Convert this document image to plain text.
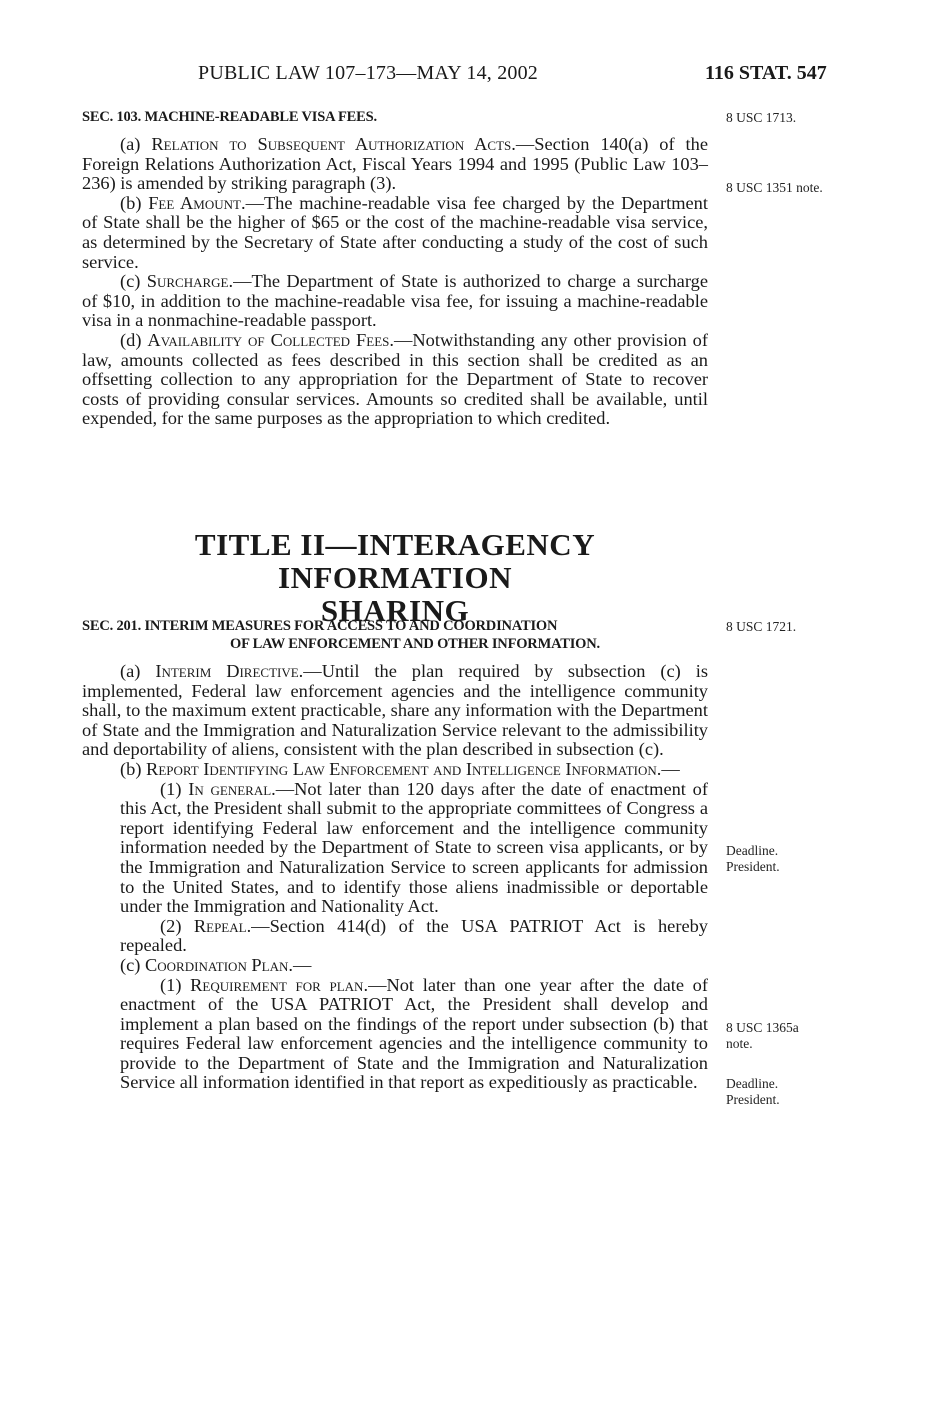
PUBLIC LAW 107–173—MAY 14, 2002	116 STAT. 547
SEC. 103. MACHINE-READABLE VISA FEES.	8 USC 1713.

(a) Relation to Subsequent Authorization Acts.—Section 140(a) of the Foreign Relations Authorization Act, Fiscal Years 1994 and 1995 (Public Law 103–236) is amended by striking paragraph (3).

(b) Fee Amount.—The machine-readable visa fee charged by the Department of State shall be the higher of $65 or the cost of the machine-readable visa service, as determined by the Secretary of State after conducting a study of the cost of such service.

(c) Surcharge.—The Department of State is authorized to charge a surcharge of $10, in addition to the machine-readable visa fee, for issuing a machine-readable visa in a nonmachine-readable passport.

(d) Availability of Collected Fees.—Notwithstanding any other provision of law, amounts collected as fees described in this section shall be credited as an offsetting collection to any appropriation for the Department of State to recover costs of providing consular services. Amounts so credited shall be available, until expended, for the same purposes as the appropriation to which credited.

8 USC 1351 note.
TITLE II—INTERAGENCY INFORMATION
SHARING
SEC. 201. INTERIM MEASURES FOR ACCESS TO AND COORDINATION
OF LAW ENFORCEMENT AND OTHER INFORMATION.
8 USC 1721.

(a) Interim Directive.—Until the plan required by subsection (c) is implemented, Federal law enforcement agencies and the intelligence community shall, to the maximum extent practicable, share any information with the Department of State and the Immigration and Naturalization Service relevant to the admissibility and deportability of aliens, consistent with the plan described in subsection (c).

(b) Report Identifying Law Enforcement and Intelligence Information.—

(1) In general.—Not later than 120 days after the date of enactment of this Act, the President shall submit to the appropriate committees of Congress a report identifying Federal law enforcement and the intelligence community information needed by the Department of State to screen visa applicants, or by the Immigration and Naturalization Service to screen applicants for admission to the United States, and to identify those aliens inadmissible or deportable under the Immigration and Nationality Act.

(2) Repeal.—Section 414(d) of the USA PATRIOT Act is hereby repealed.

(c) Coordination Plan.—

(1) Requirement for plan.—Not later than one year after the date of enactment of the USA PATRIOT Act, the President shall develop and implement a plan based on the findings of the report under subsection (b) that requires Federal law enforcement agencies and the intelligence community to provide to the Department of State and the Immigration and Naturalization Service all information identified in that report as expeditiously as practicable.

Deadline.
President.
8 USC 1365a
note.
Deadline.
President.
